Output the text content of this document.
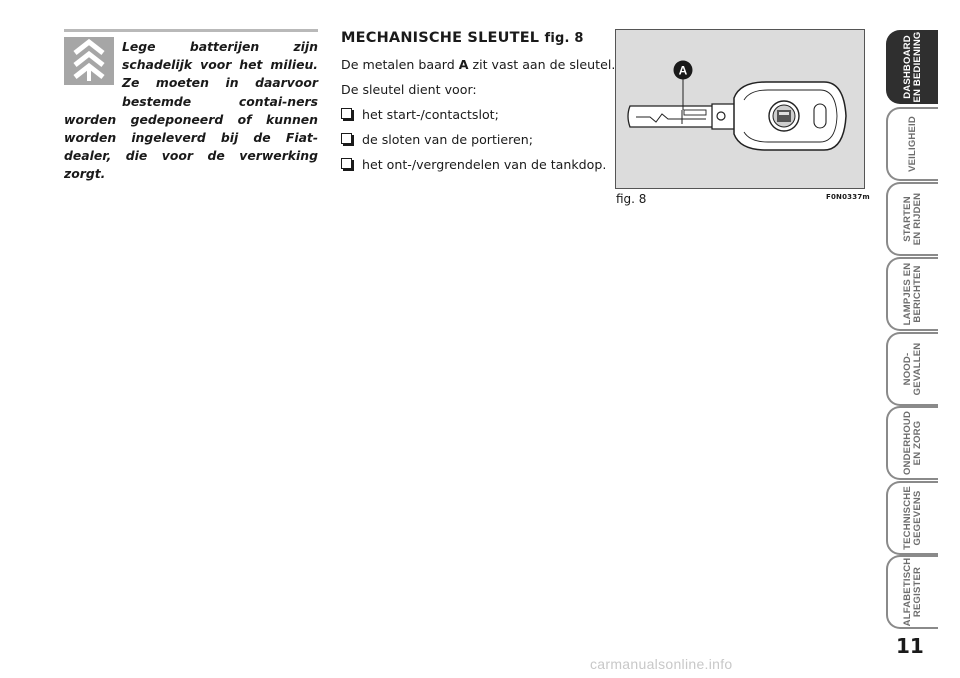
Lege batterijen zijn schadelijk voor het milieu. Ze moeten in daarvoor bestemde contai-ners worden gedeponeerd of kunnen worden ingeleverd bij de Fiat-dealer, die voor de verwerking zorgt.

MECHANISCHE SLEUTEL fig. 8

De metalen baard A zit vast aan de sleutel.

De sleutel dient voor:

het start-/contactslot;
de sloten van de portieren;
het ont-/vergrendelen van de tankdop.
A
fig. 8	F0N0337m
DASHBOARD EN BEDIENING
VEILIGHEID
STARTEN EN RIJDEN
LAMPJES EN BERICHTEN
NOOD- GEVALLEN
ONDERHOUD EN ZORG
TECHNISCHE GEGEVENS
ALFABETISCH REGISTER
11
carmanualsonline.info
